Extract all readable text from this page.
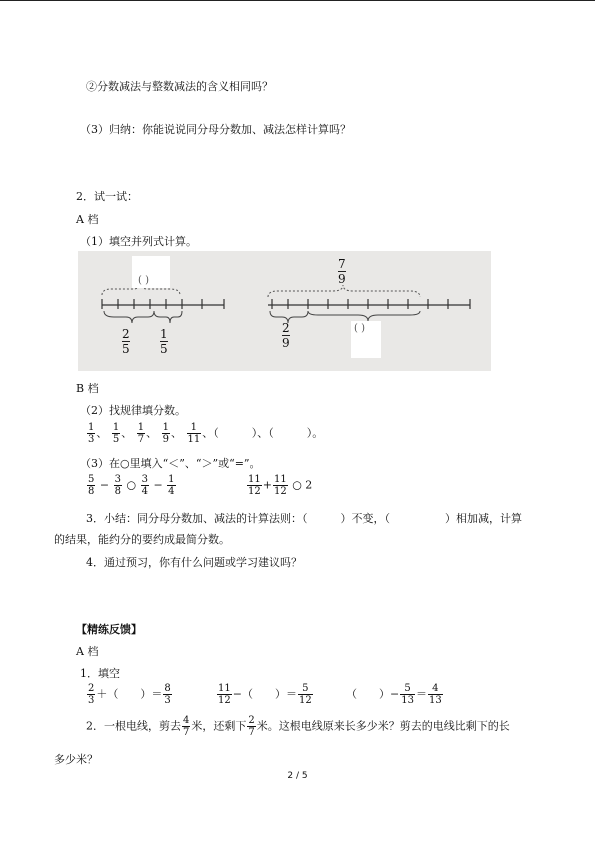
②分数减法与整数减法的含义相同吗？
（3）归纳：你能说说同分母分数加、减法怎样计算吗？
2．试一试：
A 档
（1）填空并列式计算。
( )
( )
$\frac{2}{5}$	$\frac{1}{5}$
$\frac{7}{9}$
$\frac{2}{9}$
B 档
（2）找规律填分数。
$\frac{1}{3}$ 、 $\frac{1}{5}$ 、 $\frac{1}{7}$ 、 $\frac{1}{9}$ 、 $\frac{1}{11}$ 、（　　　）、（　　　）。
（3）在○里填入“＜”、“＞”或“=”。
$\frac{5}{8} - \frac{3}{8}$ ○ $\frac{3}{4} - \frac{1}{4}$	$\frac{11}{12} + \frac{11}{12}$ ○ 2
3．小结：同分母分数加、减法的计算法则：（　　　）不变，（　　　　　）相加减，计算
的结果，能约分的要约成最简分数。
4．通过预习，你有什么问题或学习建议吗？
【精练反馈】
A 档
1．填空
$\frac{2}{3}$ ＋（　　）＝ $\frac{8}{3}$	$\frac{11}{12}$ −（　　）＝ $\frac{5}{12}$	（　　）− $\frac{5}{13} = \frac{4}{13}$
2．一根电线，剪去 $\frac{4}{7}$ 米，还剩下 $\frac{2}{7}$ 米。这根电线原来长多少米？剪去的电线比剩下的长
多少米？
2 / 5
